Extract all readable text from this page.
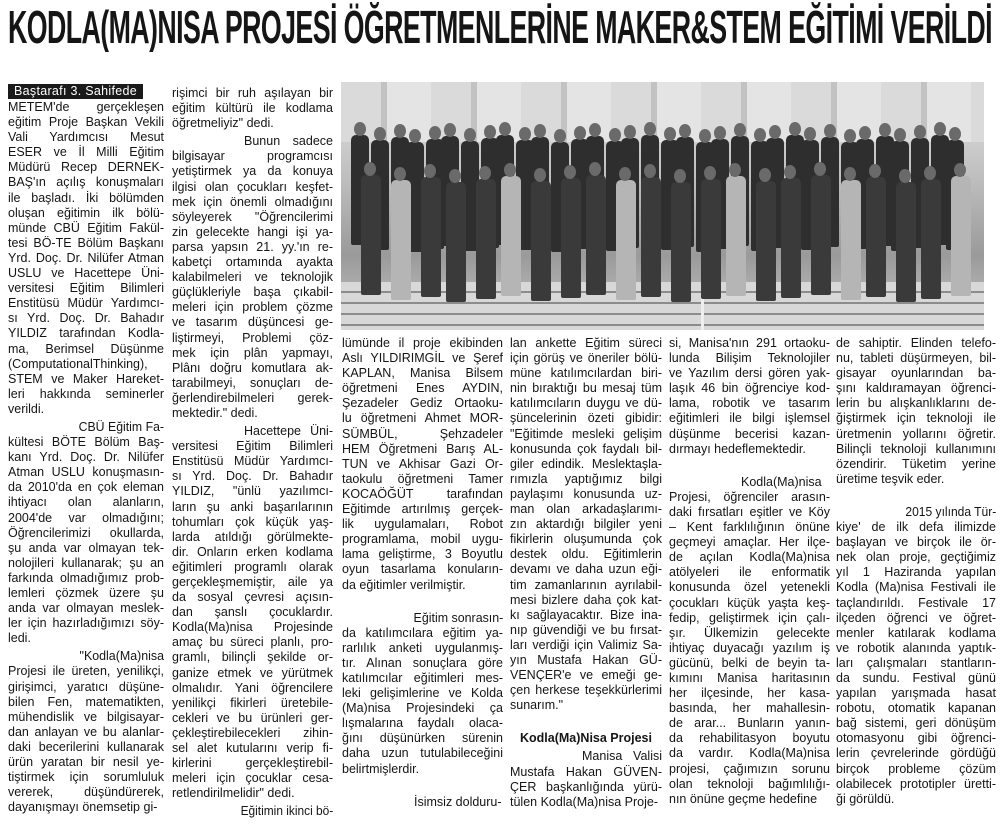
KODLA(MA)NISA PROJESİ ÖĞRETMENLERİNE MAKER&STEM EĞİTİMİ VERİLDİ
Baştarafı 3. Sahifede
METEM'de gerçekleşen
eğitim Proje Başkan Vekili
Vali Yardımcısı Mesut
ESER ve İl Milli Eğitim
Müdürü Recep DERNEK-
BAŞ'ın açılış konuşmaları
ile başladı. İki bölümden
oluşan eğitimin ilk bölü-
münde CBÜ Eğitim Fakül-
tesi BÖ-TE Bölüm Başkanı
Yrd. Doç. Dr. Nilüfer Atman
USLU ve Hacettepe Üni-
versitesi Eğitim Bilimleri
Enstitüsü Müdür Yardımcı-
sı Yrd. Doç. Dr. Bahadır
YILDIZ tarafından Kodla-
ma, Berimsel Düşünme
(ComputationalThinking),
STEM ve Maker Hareket-
leri hakkında seminerler
verildi.
CBÜ Eğitim Fa-
kültesi BÖTE Bölüm Baş-
kanı Yrd. Doç. Dr. Nilüfer
Atman USLU konuşmasın-
da 2010'da en çok eleman
ihtiyacı olan alanların,
2004'de var olmadığını;
Öğrencilerimizi okullarda,
şu anda var olmayan tek-
nolojileri kullanarak; şu an
farkında olmadığımız prob-
lemleri çözmek üzere şu
anda var olmayan meslek-
ler için hazırladığımızı söy-
ledi.
"Kodla(Ma)nisa
Projesi ile üreten, yenilikçi,
girişimci, yaratıcı düşüne-
bilen Fen, matematikten,
mühendislik ve bilgisayar-
dan anlayan ve bu alanlar-
daki becerilerini kullanarak
ürün yaratan bir nesil ye-
tiştirmek için sorumluluk
vererek, düşündürerek,
dayanışmayı önemsetip gi-
rişimci bir ruh aşılayan bir
eğitim kültürü ile kodlama
öğretmeliyiz" dedi.
Bunun sadece
bilgisayar programcısı
yetiştirmek ya da konuya
ilgisi olan çocukları keşfet-
mek için önemli olmadığını
söyleyerek "Öğrencilerimi
zin gelecekte hangi işi ya-
parsa yapsın 21. yy.'ın re-
kabetçi ortamında ayakta
kalabilmeleri ve teknolojik
güçlükleriyle başa çıkabil-
meleri için problem çözme
ve tasarım düşüncesi ge-
liştirmeyi, Problemi çöz-
mek için plân yapmayı,
Plânı doğru komutlara ak-
tarabilmeyi, sonuçları de-
ğerlendirebilmeleri gerek-
mektedir." dedi.
Hacettepe Üni-
versitesi Eğitim Bilimleri
Enstitüsü Müdür Yardımcı-
sı Yrd. Doç. Dr. Bahadır
YILDIZ, "ünlü yazılımcı-
ların şu anki başarılarının
tohumları çok küçük yaş-
larda atıldığı görülmekte-
dir. Onların erken kodlama
eğitimleri programlı olarak
gerçekleşmemiştir, aile ya
da sosyal çevresi açısın-
dan şanslı çocuklardır.
Kodla(Ma)nisa Projesinde
amaç bu süreci planlı, pro-
gramlı, bilinçli şekilde or-
ganize etmek ve yürütmek
olmalıdır. Yani öğrencilere
yenilikçi fikirleri üretebile-
cekleri ve bu ürünleri ger-
çekleştirebilecekleri zihin-
sel alet kutularını verip fi-
kirlerini gerçekleştirebil-
meleri için çocuklar cesa-
retlendirilmelidir" dedi.
Eğitimin ikinci bö-
lümünde il proje ekibinden
Aslı YILDIRIMGİL ve Şeref
KAPLAN, Manisa Bilsem
öğretmeni Enes AYDIN,
Şezadeler Gediz Ortaoku-
lu öğretmeni Ahmet MOR-
SÜMBÜL, Şehzadeler
HEM Öğretmeni Barış AL-
TUN ve Akhisar Gazi Or-
taokulu öğretmeni Tamer
KOCAÖĞÜT tarafından
Eğitimde artırılmış gerçek-
lik uygulamaları, Robot
programlama, mobil uygu-
lama geliştirme, 3 Boyutlu
oyun tasarlama konuların-
da eğitimler verilmiştir.
Eğitim sonrasın-
da katılımcılara eğitim ya-
rarlılık anketi uygulanmış-
tır. Alınan sonuçlara göre
katılımcılar eğitimleri mes-
leki gelişimlerine ve Kolda
(Ma)nisa Projesindeki ça
lışmalarına faydalı olaca-
ğını düşünürken sürenin
daha uzun tutulabileceğini
belirtmişlerdir.
İsimsiz dolduru-
lan ankette Eğitim süreci
için görüş ve öneriler bölü-
müne katılımcılardan biri-
nin bıraktığı bu mesaj tüm
katılımcıların duygu ve dü-
şüncelerinin özeti gibidir:
"Eğitimde mesleki gelişim
konusunda çok faydalı bil-
giler edindik. Meslektaşla-
rımızla yaptığımız bilgi
paylaşımı konusunda uz-
man olan arkadaşlarımı-
zın aktardığı bilgiler yeni
fikirlerin oluşumunda çok
destek oldu. Eğitimlerin
devamı ve daha uzun eği-
tim zamanlarının ayrılabil-
mesi bizlere daha çok kat-
kı sağlayacaktır. Bize ina-
nıp güvendiği ve bu fırsat-
ları verdiği için Valimiz Sa-
yın Mustafa Hakan GÜ-
VENÇER'e ve emeği ge-
çen herkese teşekkürlerimi
sunarım."
Kodla(Ma)Nisa Projesi
Manisa Valisi
Mustafa Hakan GÜVEN-
ÇER başkanlığında yürü-
tülen Kodla(Ma)nisa Proje-
si, Manisa'nın 291 ortaoku-
lunda Bilişim Teknolojiler
ve Yazılım dersi gören yak-
laşık 46 bin öğrenciye kod-
lama, robotik ve tasarım
eğitimleri ile bilgi işlemsel
düşünme becerisi kazan-
dırmayı hedeflemektedir.
Kodla(Ma)nisa
Projesi, öğrenciler arasın-
daki fırsatları eşitler ve Köy
– Kent farklılığının önüne
geçmeyi amaçlar. Her ilçe-
de açılan Kodla(Ma)nisa
atölyeleri ile enformatik
konusunda özel yetenekli
çocukları küçük yaşta keş-
fedip, geliştirmek için çalı-
şır. Ülkemizin gelecekte
ihtiyaç duyacağı yazılım iş
gücünü, belki de beyin ta-
kımını Manisa haritasının
her ilçesinde, her kasa-
basında, her mahallesin-
de arar... Bunların yanın-
da rehabilitasyon boyutu
da vardır. Kodla(Ma)nisa
projesi, çağımızın sorunu
olan teknoloji bağımlılığı-
nın önüne geçme hedefine
de sahiptir. Elinden telefo-
nu, tableti düşürmeyen, bil-
gisayar oyunlarından ba-
şını kaldıramayan öğrenci-
lerin bu alışkanlıklarını de-
ğiştirmek için teknoloji ile
üretmenin yollarını öğretir.
Bilinçli teknoloji kullanımını
özendirir. Tüketim yerine
üretime teşvik eder.
2015 yılında Tür-
kiye' de ilk defa ilimizde
başlayan ve birçok ile ör-
nek olan proje, geçtiğimiz
yıl 1 Haziranda yapılan
Kodla (Ma)nisa Festivali ile
taçlandırıldı. Festivale 17
ilçeden öğrenci ve öğret-
menler katılarak kodlama
ve robotik alanında yaptık-
ları çalışmaları stantların-
da sundu. Festival günü
yapılan yarışmada hasat
robotu, otomatik kapanan
bağ sistemi, geri dönüşüm
otomasyonu gibi öğrenci-
lerin çevrelerinde gördüğü
birçok probleme çözüm
olabilecek prototipler üretti-
ği görüldü.
